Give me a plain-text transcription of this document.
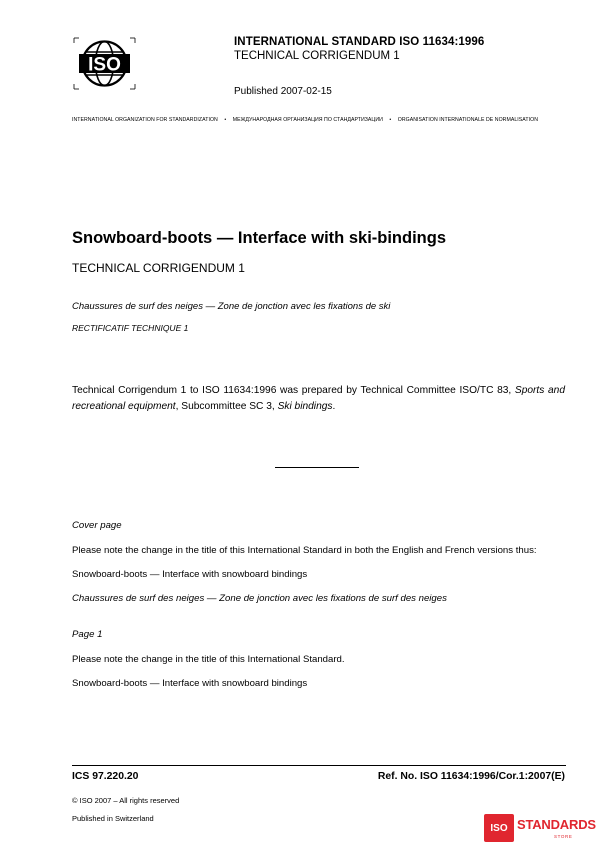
ISO
INTERNATIONAL STANDARD ISO 11634:1996
TECHNICAL CORRIGENDUM 1
Published 2007-02-15
INTERNATIONAL ORGANIZATION FOR STANDARDIZATION • МЕЖДУНАРОДНАЯ ОРГАНИЗАЦИЯ ПО СТАНДАРТИЗАЦИИ • ORGANISATION INTERNATIONALE DE NORMALISATION
Snowboard-boots — Interface with ski-bindings
TECHNICAL CORRIGENDUM 1
Chaussures de surf des neiges — Zone de jonction avec les fixations de ski
RECTIFICATIF TECHNIQUE 1
Technical Corrigendum 1 to ISO 11634:1996 was prepared by Technical Committee ISO/TC 83, Sports and recreational equipment, Subcommittee SC 3, Ski bindings.
Cover page
Please note the change in the title of this International Standard in both the English and French versions thus:
Snowboard-boots — Interface with snowboard bindings
Chaussures de surf des neiges — Zone de jonction avec les fixations de surf des neiges
Page 1
Please note the change in the title of this International Standard.
Snowboard-boots — Interface with snowboard bindings
ICS 97.220.20	Ref. No. ISO 11634:1996/Cor.1:2007(E)
© ISO 2007 – All rights reserved
Published in Switzerland
ISO STANDARDS
STORE
